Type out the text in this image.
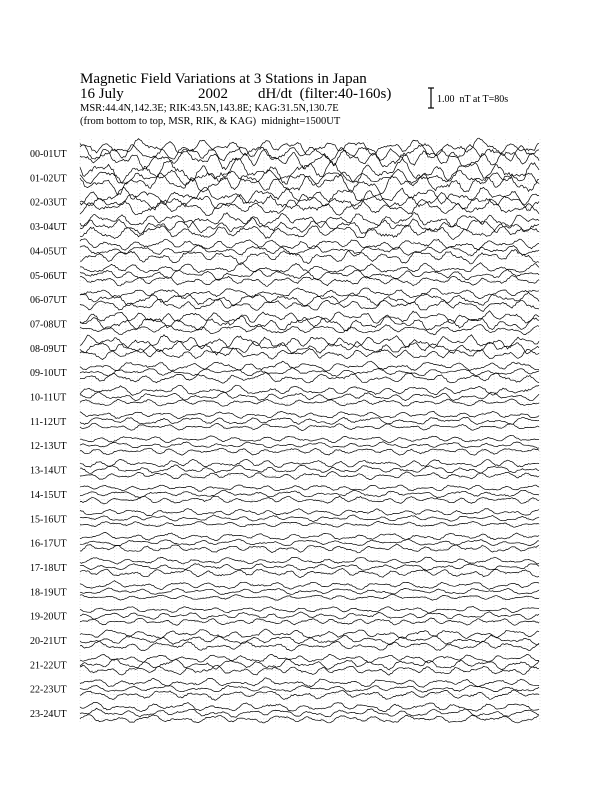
Magnetic Field Variations at 3 Stations in Japan
16 July	2002 dH/dt  (filter:40-160s)
MSR:44.4N,142.3E; RIK:43.5N,143.8E; KAG:31.5N,130.7E
(from bottom to top, MSR, RIK, & KAG)  midnight=1500UT
1.00  nT at T=80s
00-01UT
01-02UT
02-03UT
03-04UT
04-05UT
05-06UT
06-07UT
07-08UT
08-09UT
09-10UT
10-11UT
11-12UT
12-13UT
13-14UT
14-15UT
15-16UT
16-17UT
17-18UT
18-19UT
19-20UT
20-21UT
21-22UT
22-23UT
23-24UT
